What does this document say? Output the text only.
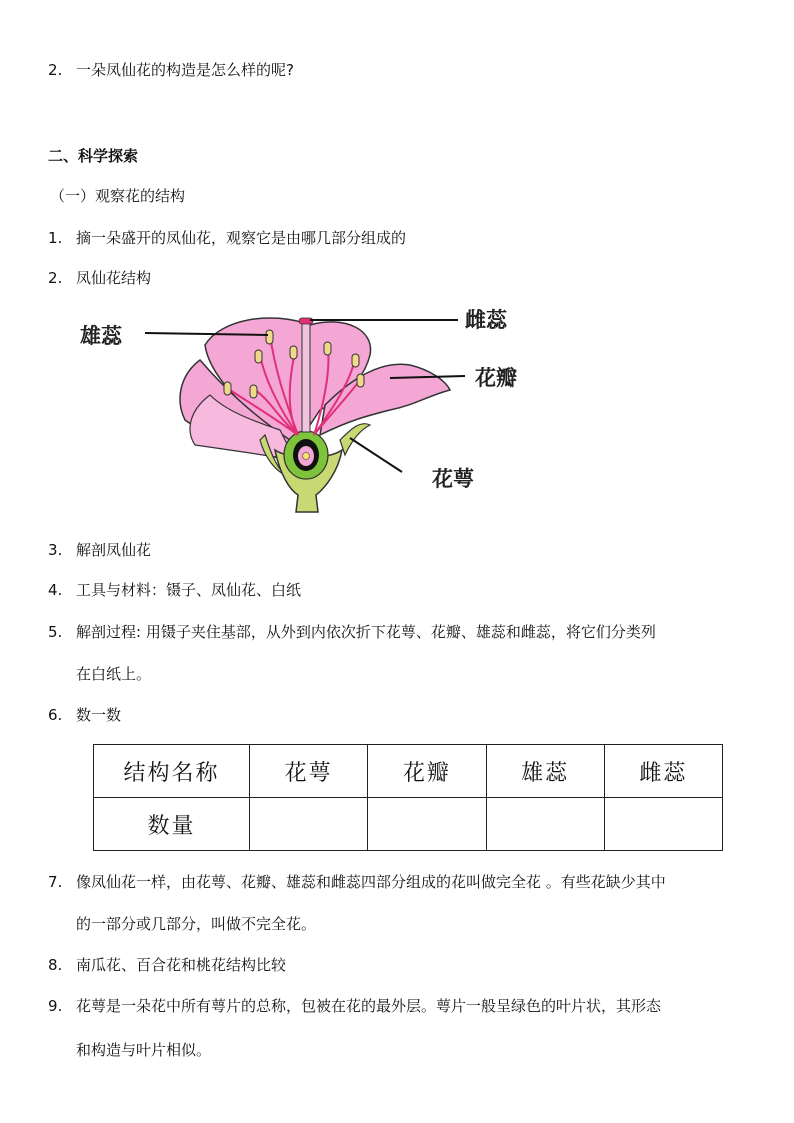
2. 一朵凤仙花的构造是怎么样的呢?
二、科学探索
（一）观察花的结构
1. 摘一朵盛开的凤仙花，观察它是由哪几部分组成的
2. 凤仙花结构
雄蕊
雌蕊
花瓣
花萼
3. 解剖凤仙花
4. 工具与材料：镊子、凤仙花、白纸
5. 解剖过程: 用镊子夹住基部，从外到内依次折下花萼、花瓣、雄蕊和雌蕊，将它们分类列
在白纸上。
6. 数一数
结构名称	花萼	花瓣	雄蕊	雌蕊
数量				
7. 像凤仙花一样，由花萼、花瓣、雄蕊和雌蕊四部分组成的花叫做完全花 。有些花缺少其中
的一部分或几部分，叫做不完全花。
8. 南瓜花、百合花和桃花结构比较
9. 花萼是一朵花中所有萼片的总称，包被在花的最外层。萼片一般呈绿色的叶片状，其形态
和构造与叶片相似。
